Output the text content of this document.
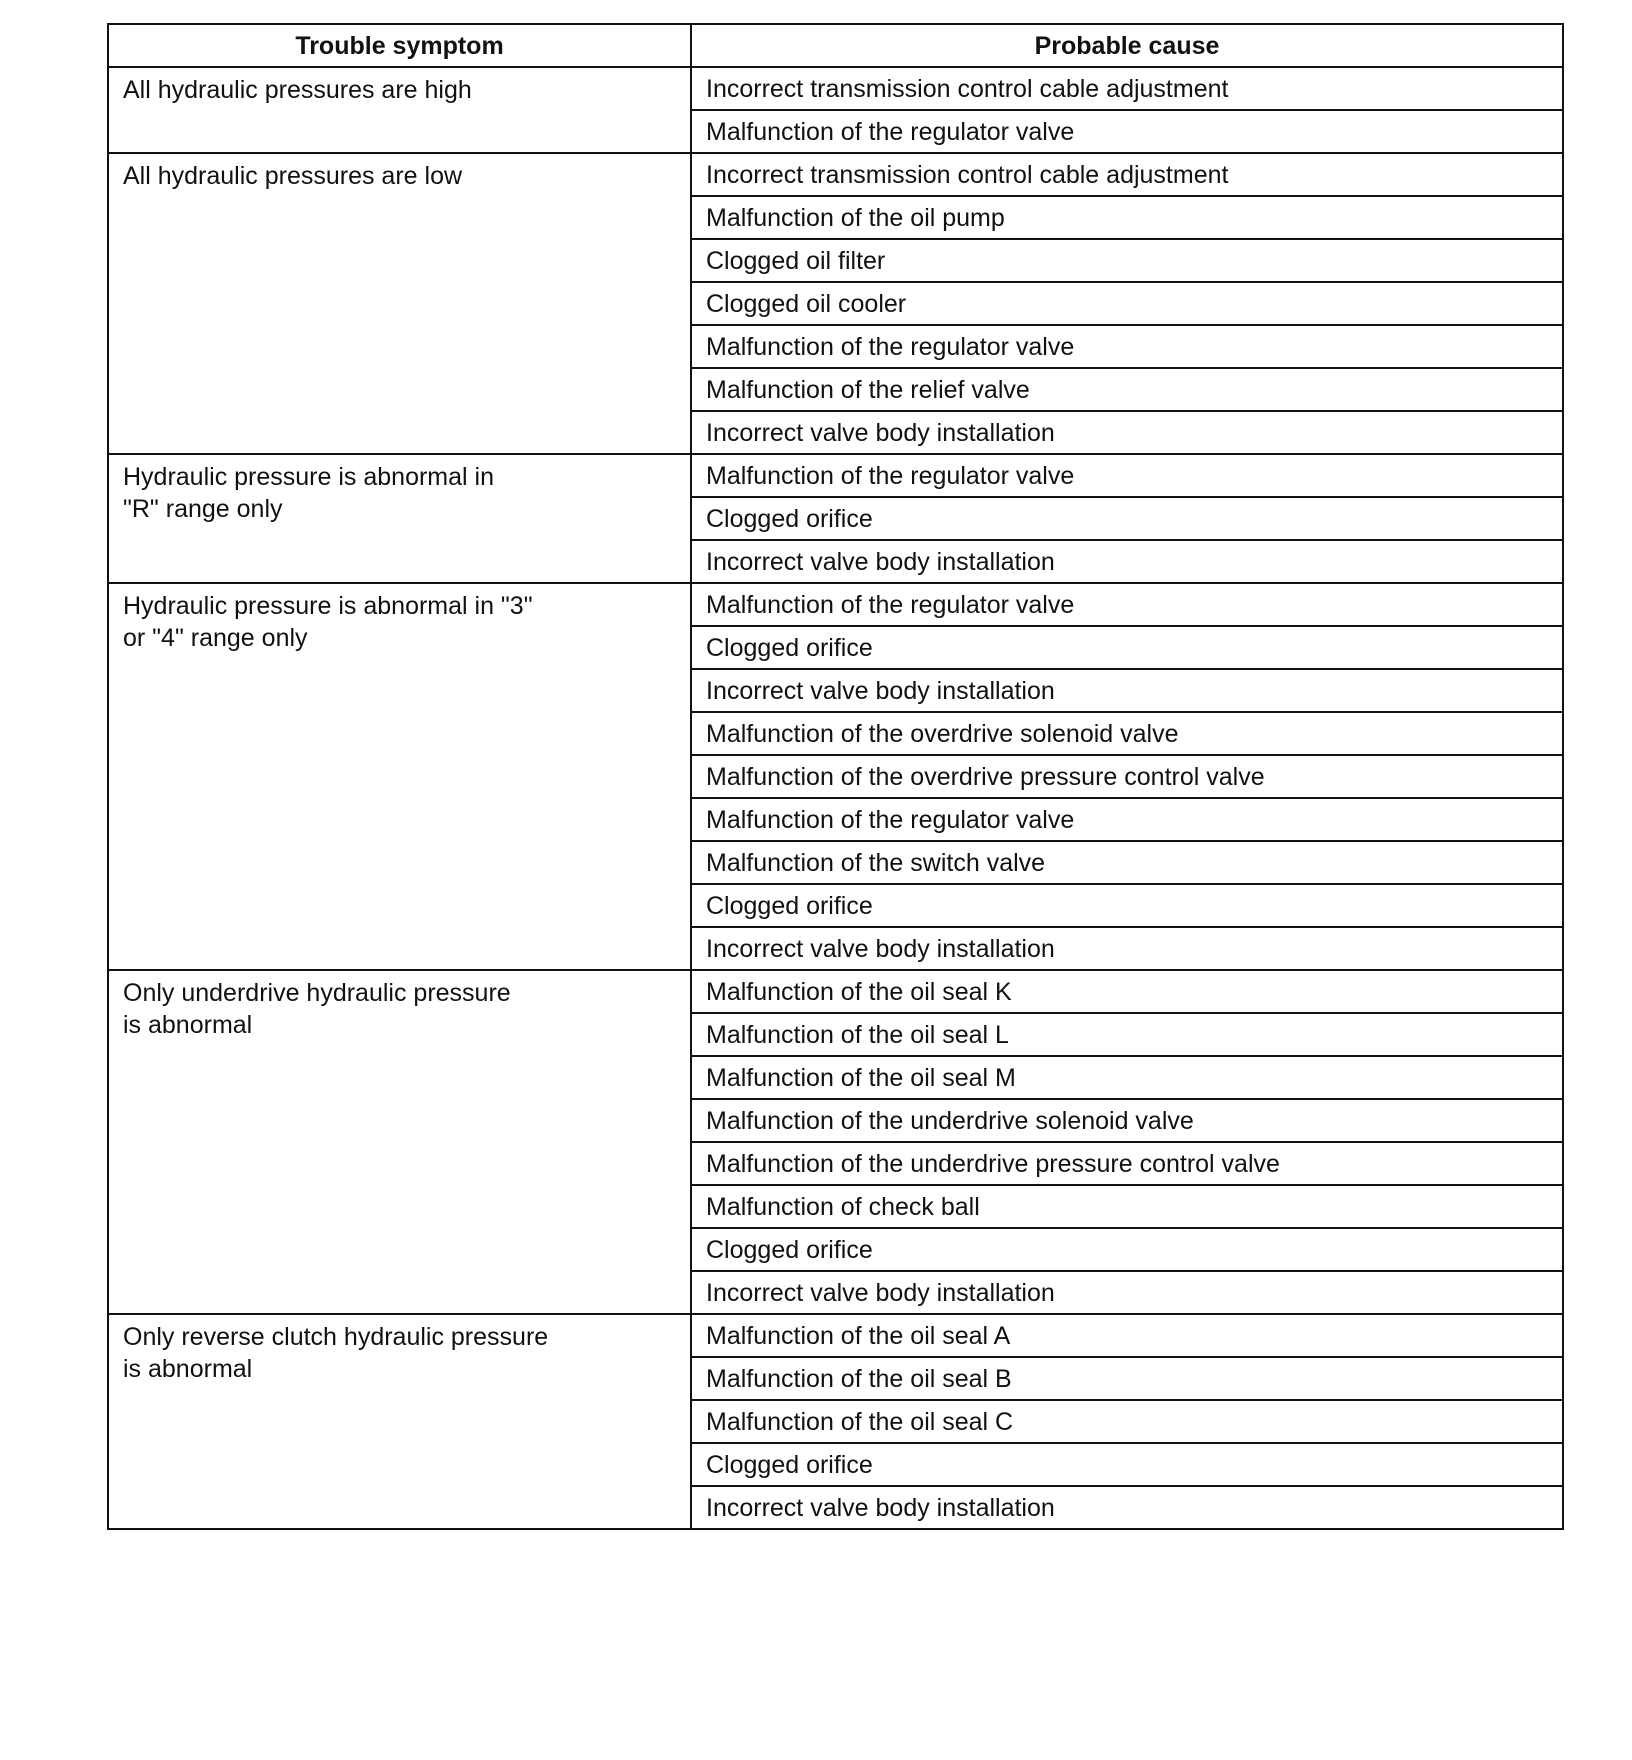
Trouble symptom	Probable cause

All hydraulic pressures are high	Incorrect transmission control cable adjustment
	Malfunction of the regulator valve

All hydraulic pressures are low	Incorrect transmission control cable adjustment
	Malfunction of the oil pump
	Clogged oil filter
	Clogged oil cooler
	Malfunction of the regulator valve
	Malfunction of the relief valve
	Incorrect valve body installation

Hydraulic pressure is abnormal in
"R" range only	Malfunction of the regulator valve
	Clogged orifice
	Incorrect valve body installation

Hydraulic pressure is abnormal in "3"
or "4" range only	Malfunction of the regulator valve
	Clogged orifice
	Incorrect valve body installation
	Malfunction of the overdrive solenoid valve
	Malfunction of the overdrive pressure control valve
	Malfunction of the regulator valve
	Malfunction of the switch valve
	Clogged orifice
	Incorrect valve body installation

Only underdrive hydraulic pressure
is abnormal	Malfunction of the oil seal K
	Malfunction of the oil seal L
	Malfunction of the oil seal M
	Malfunction of the underdrive solenoid valve
	Malfunction of the underdrive pressure control valve
	Malfunction of check ball
	Clogged orifice
	Incorrect valve body installation

Only reverse clutch hydraulic pressure
is abnormal	Malfunction of the oil seal A
	Malfunction of the oil seal B
	Malfunction of the oil seal C
	Clogged orifice
	Incorrect valve body installation
